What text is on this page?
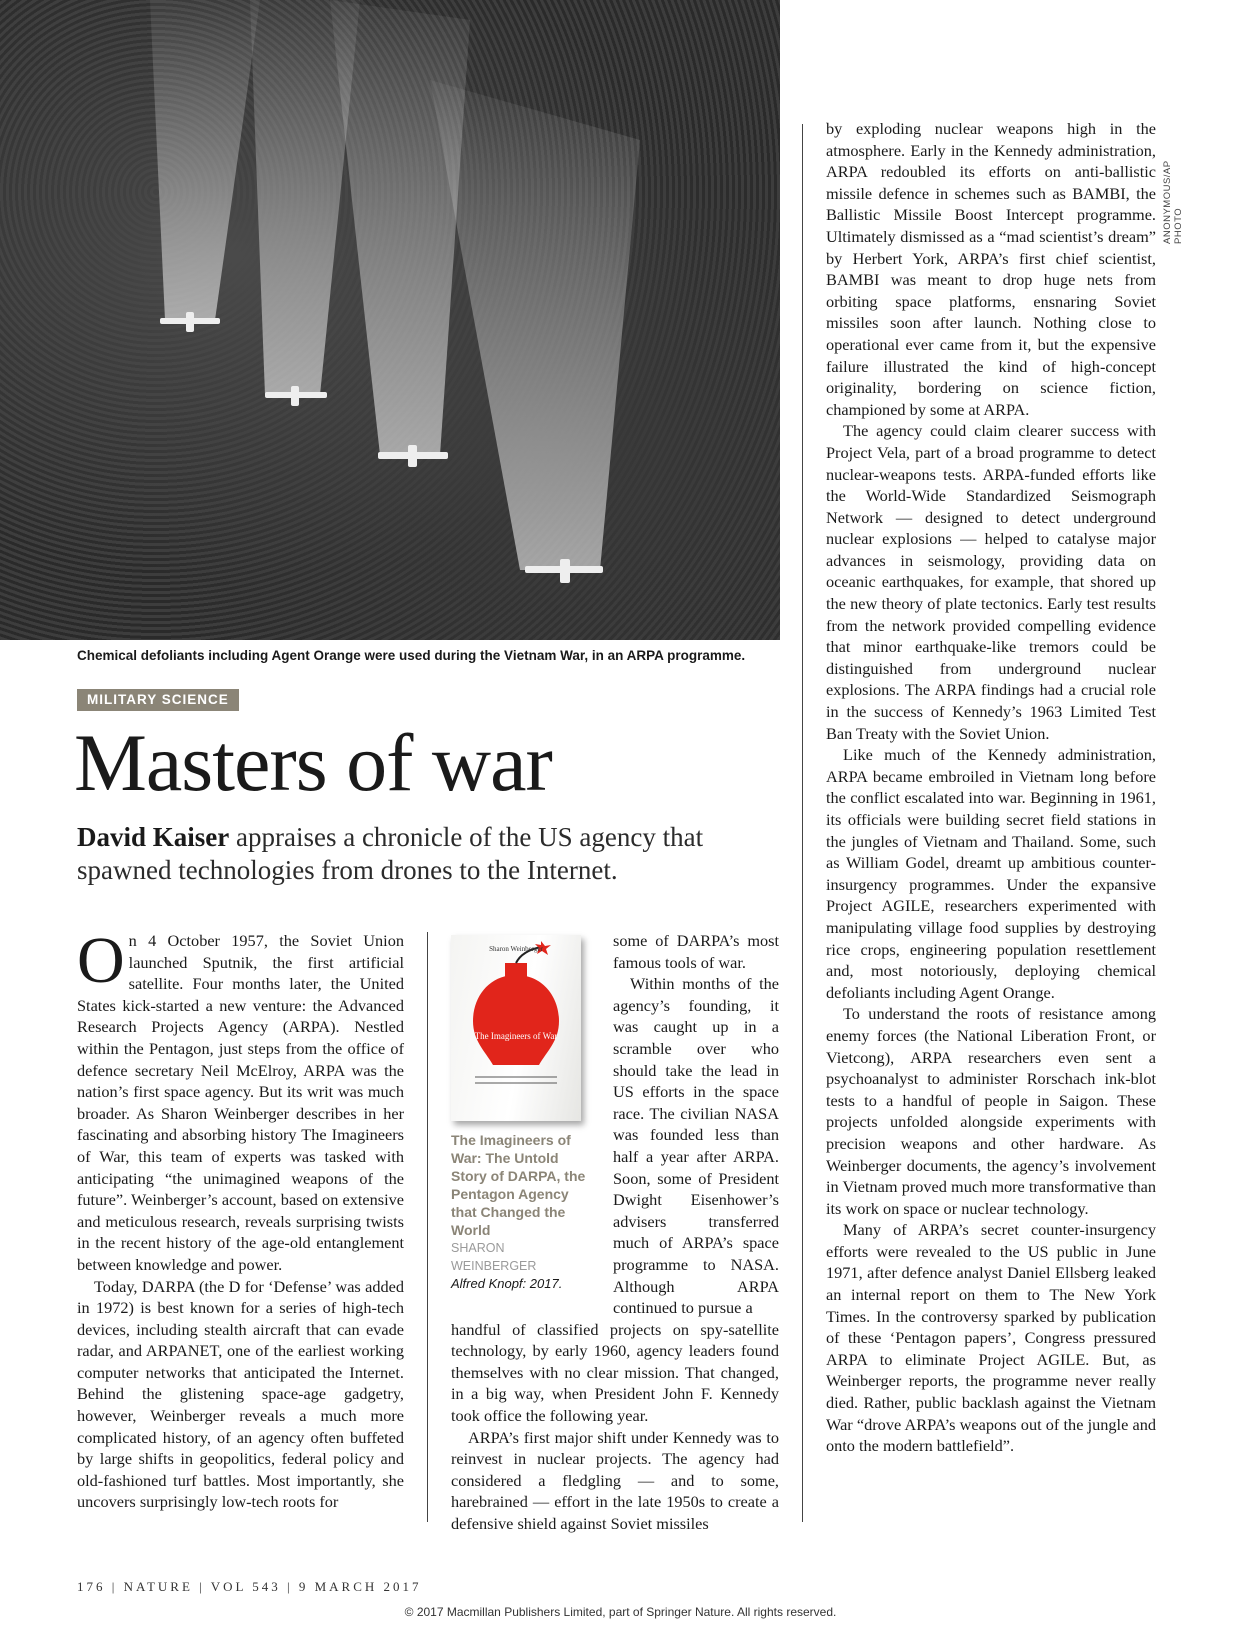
ANONYMOUS/AP PHOTO
Chemical defoliants including Agent Orange were used during the Vietnam War, in an ARPA programme.
MILITARY SCIENCE
Masters of war
David Kaiser appraises a chronicle of the US agency that spawned technologies from drones to the Internet.

On 4 October 1957, the Soviet Union launched Sputnik, the first artificial satellite. Four months later, the United States kick-started a new venture: the Advanced Research Projects Agency (ARPA). Nestled within the Pentagon, just steps from the office of defence secretary Neil McElroy, ARPA was the nation’s first space agency. But its writ was much broader. As Sharon Weinberger describes in her fascinating and absorbing history The Imagineers of War, this team of experts was tasked with anticipating “the unimagined weapons of the future”. Weinberger’s account, based on extensive and meticulous research, reveals surprising twists in the recent history of the age-old entanglement between knowledge and power.

Today, DARPA (the D for ‘Defense’ was added in 1972) is best known for a series of high-tech devices, including stealth aircraft that can evade radar, and ARPANET, one of the earliest working computer networks that anticipated the Internet. Behind the glistening space-age gadgetry, however, Weinberger reveals a much more complicated history, of an agency often buffeted by large shifts in geopolitics, federal policy and old-fashioned turf battles. Most importantly, she uncovers surprisingly low-tech roots for

Sharon Weinberger
The Imagineers of War
The Imagineers of War: The Untold Story of DARPA, the Pentagon Agency that Changed the World
SHARON WEINBERGER
Alfred Knopf: 2017.

some of DARPA’s most famous tools of war.

Within months of the agency’s founding, it was caught up in a scramble over who should take the lead in US efforts in the space race. The civilian NASA was founded less than half a year after ARPA. Soon, some of President Dwight Eisenhower’s advisers transferred much of ARPA’s space programme to NASA. Although ARPA continued to pursue a

handful of classified projects on spy-satellite technology, by early 1960, agency leaders found themselves with no clear mission. That changed, in a big way, when President John F. Kennedy took office the following year.

ARPA’s first major shift under Kennedy was to reinvest in nuclear projects. The agency had considered a fledgling — and to some, harebrained — effort in the late 1950s to create a defensive shield against Soviet missiles

by exploding nuclear weapons high in the atmosphere. Early in the Kennedy administration, ARPA redoubled its efforts on anti-ballistic missile defence in schemes such as BAMBI, the Ballistic Missile Boost Intercept programme. Ultimately dismissed as a “mad scientist’s dream” by Herbert York, ARPA’s first chief scientist, BAMBI was meant to drop huge nets from orbiting space platforms, ensnaring Soviet missiles soon after launch. Nothing close to operational ever came from it, but the expensive failure illustrated the kind of high-concept originality, bordering on science fiction, championed by some at ARPA.

The agency could claim clearer success with Project Vela, part of a broad programme to detect nuclear-weapons tests. ARPA-funded efforts like the World-Wide Standardized Seismograph Network — designed to detect underground nuclear explosions — helped to catalyse major advances in seismology, providing data on oceanic earthquakes, for example, that shored up the new theory of plate tectonics. Early test results from the network provided compelling evidence that minor earthquake-like tremors could be distinguished from underground nuclear explosions. The ARPA findings had a crucial role in the success of Kennedy’s 1963 Limited Test Ban Treaty with the Soviet Union.

Like much of the Kennedy administration, ARPA became embroiled in Vietnam long before the conflict escalated into war. Beginning in 1961, its officials were building secret field stations in the jungles of Vietnam and Thailand. Some, such as William Godel, dreamt up ambitious counter-insurgency programmes. Under the expansive Project AGILE, researchers experimented with manipulating village food supplies by destroying rice crops, engineering population resettlement and, most notoriously, deploying chemical defoliants including Agent Orange.

To understand the roots of resistance among enemy forces (the National Liberation Front, or Vietcong), ARPA researchers even sent a psychoanalyst to administer Rorschach ink-blot tests to a handful of people in Saigon. These projects unfolded alongside experiments with precision weapons and other hardware. As Weinberger documents, the agency’s involvement in Vietnam proved much more transformative than its work on space or nuclear technology.

Many of ARPA’s secret counter-insurgency efforts were revealed to the US public in June 1971, after defence analyst Daniel Ellsberg leaked an internal report on them to The New York Times. In the controversy sparked by publication of these ‘Pentagon papers’, Congress pressured ARPA to eliminate Project AGILE. But, as Weinberger reports, the programme never really died. Rather, public backlash against the Vietnam War “drove ARPA’s weapons out of the jungle and onto the modern battlefield”.

176 | NATURE | VOL 543 | 9 MARCH 2017
© 2017 Macmillan Publishers Limited, part of Springer Nature. All rights reserved.
